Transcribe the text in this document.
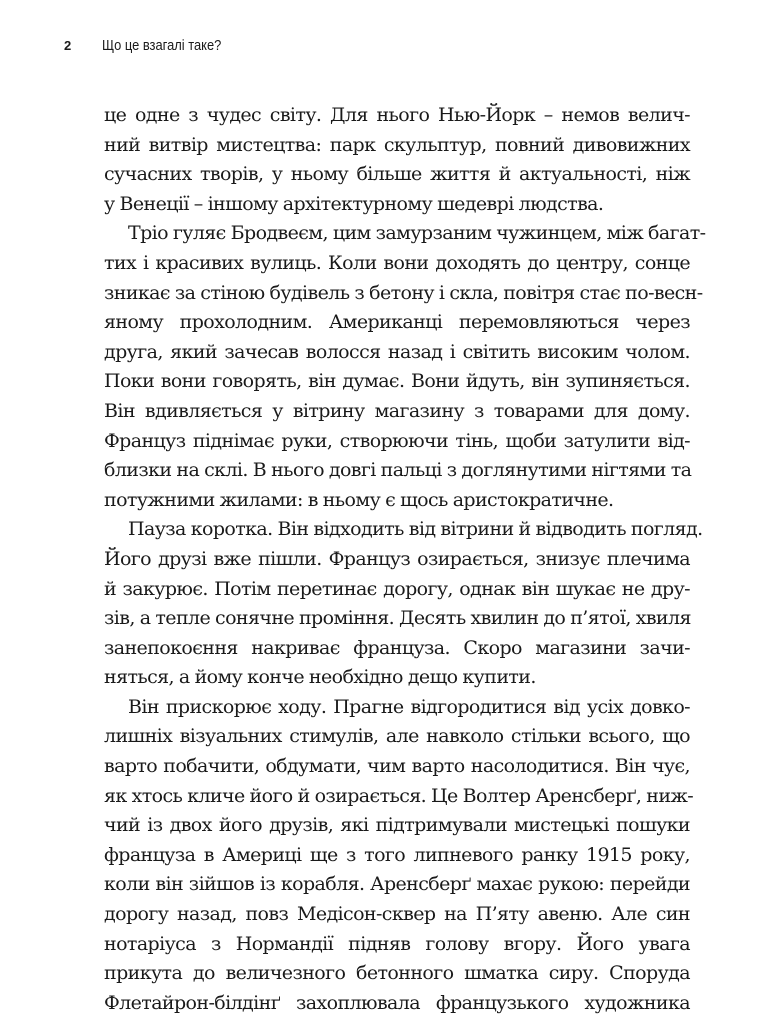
2	Що це взагалі таке?
це одне з чудес світу. Для нього Нью-Йорк – немов велич-
ний витвір мистецтва: парк скульптур, повний дивовижних
сучасних творів, у ньому більше життя й актуальності, ніж
у Венеції – іншому архітектурному шедеврі людства.
Тріо гуляє Бродвеєм, цим замурзаним чужинцем, між багат-
тих і красивих вулиць. Коли вони доходять до центру, сонце
зникає за стіною будівель з бетону і скла, повітря стає по-весн-
яному прохолодним. Американці перемовляються через
друга, який зачесав волосся назад і світить високим чолом.
Поки вони говорять, він думає. Вони йдуть, він зупиняється.
Він вдивляється у вітрину магазину з товарами для дому.
Француз піднімає руки, створюючи тінь, щоби затулити від-
близки на склі. В нього довгі пальці з доглянутими нігтями та
потужними жилами: в ньому є щось аристократичне.
Пауза коротка. Він відходить від вітрини й відводить погляд.
Його друзі вже пішли. Француз озирається, знизує плечима
й закурює. Потім перетинає дорогу, однак він шукає не дру-
зів, а тепле сонячне проміння. Десять хвилин до п’ятої, хвиля
занепокоєння накриває француза. Скоро магазини зачи-
няться, а йому конче необхідно дещо купити.
Він прискорює ходу. Прагне відгородитися від усіх довко-
лишніх візуальних стимулів, але навколо стільки всього, що
варто побачити, обдумати, чим варто насолодитися. Він чує,
як хтось кличе його й озирається. Це Волтер Аренсберґ, ниж-
чий із двох його друзів, які підтримували мистецькі пошуки
француза в Америці ще з того липневого ранку 1915 року,
коли він зійшов із корабля. Аренсберґ махає рукою: перейди
дорогу назад, повз Медісон-сквер на П’яту авеню. Але син
нотаріуса з Нормандії підняв голову вгору. Його увага
прикута до величезного бетонного шматка сиру. Споруда
Флетайрон-білдінґ захоплювала французького художника
